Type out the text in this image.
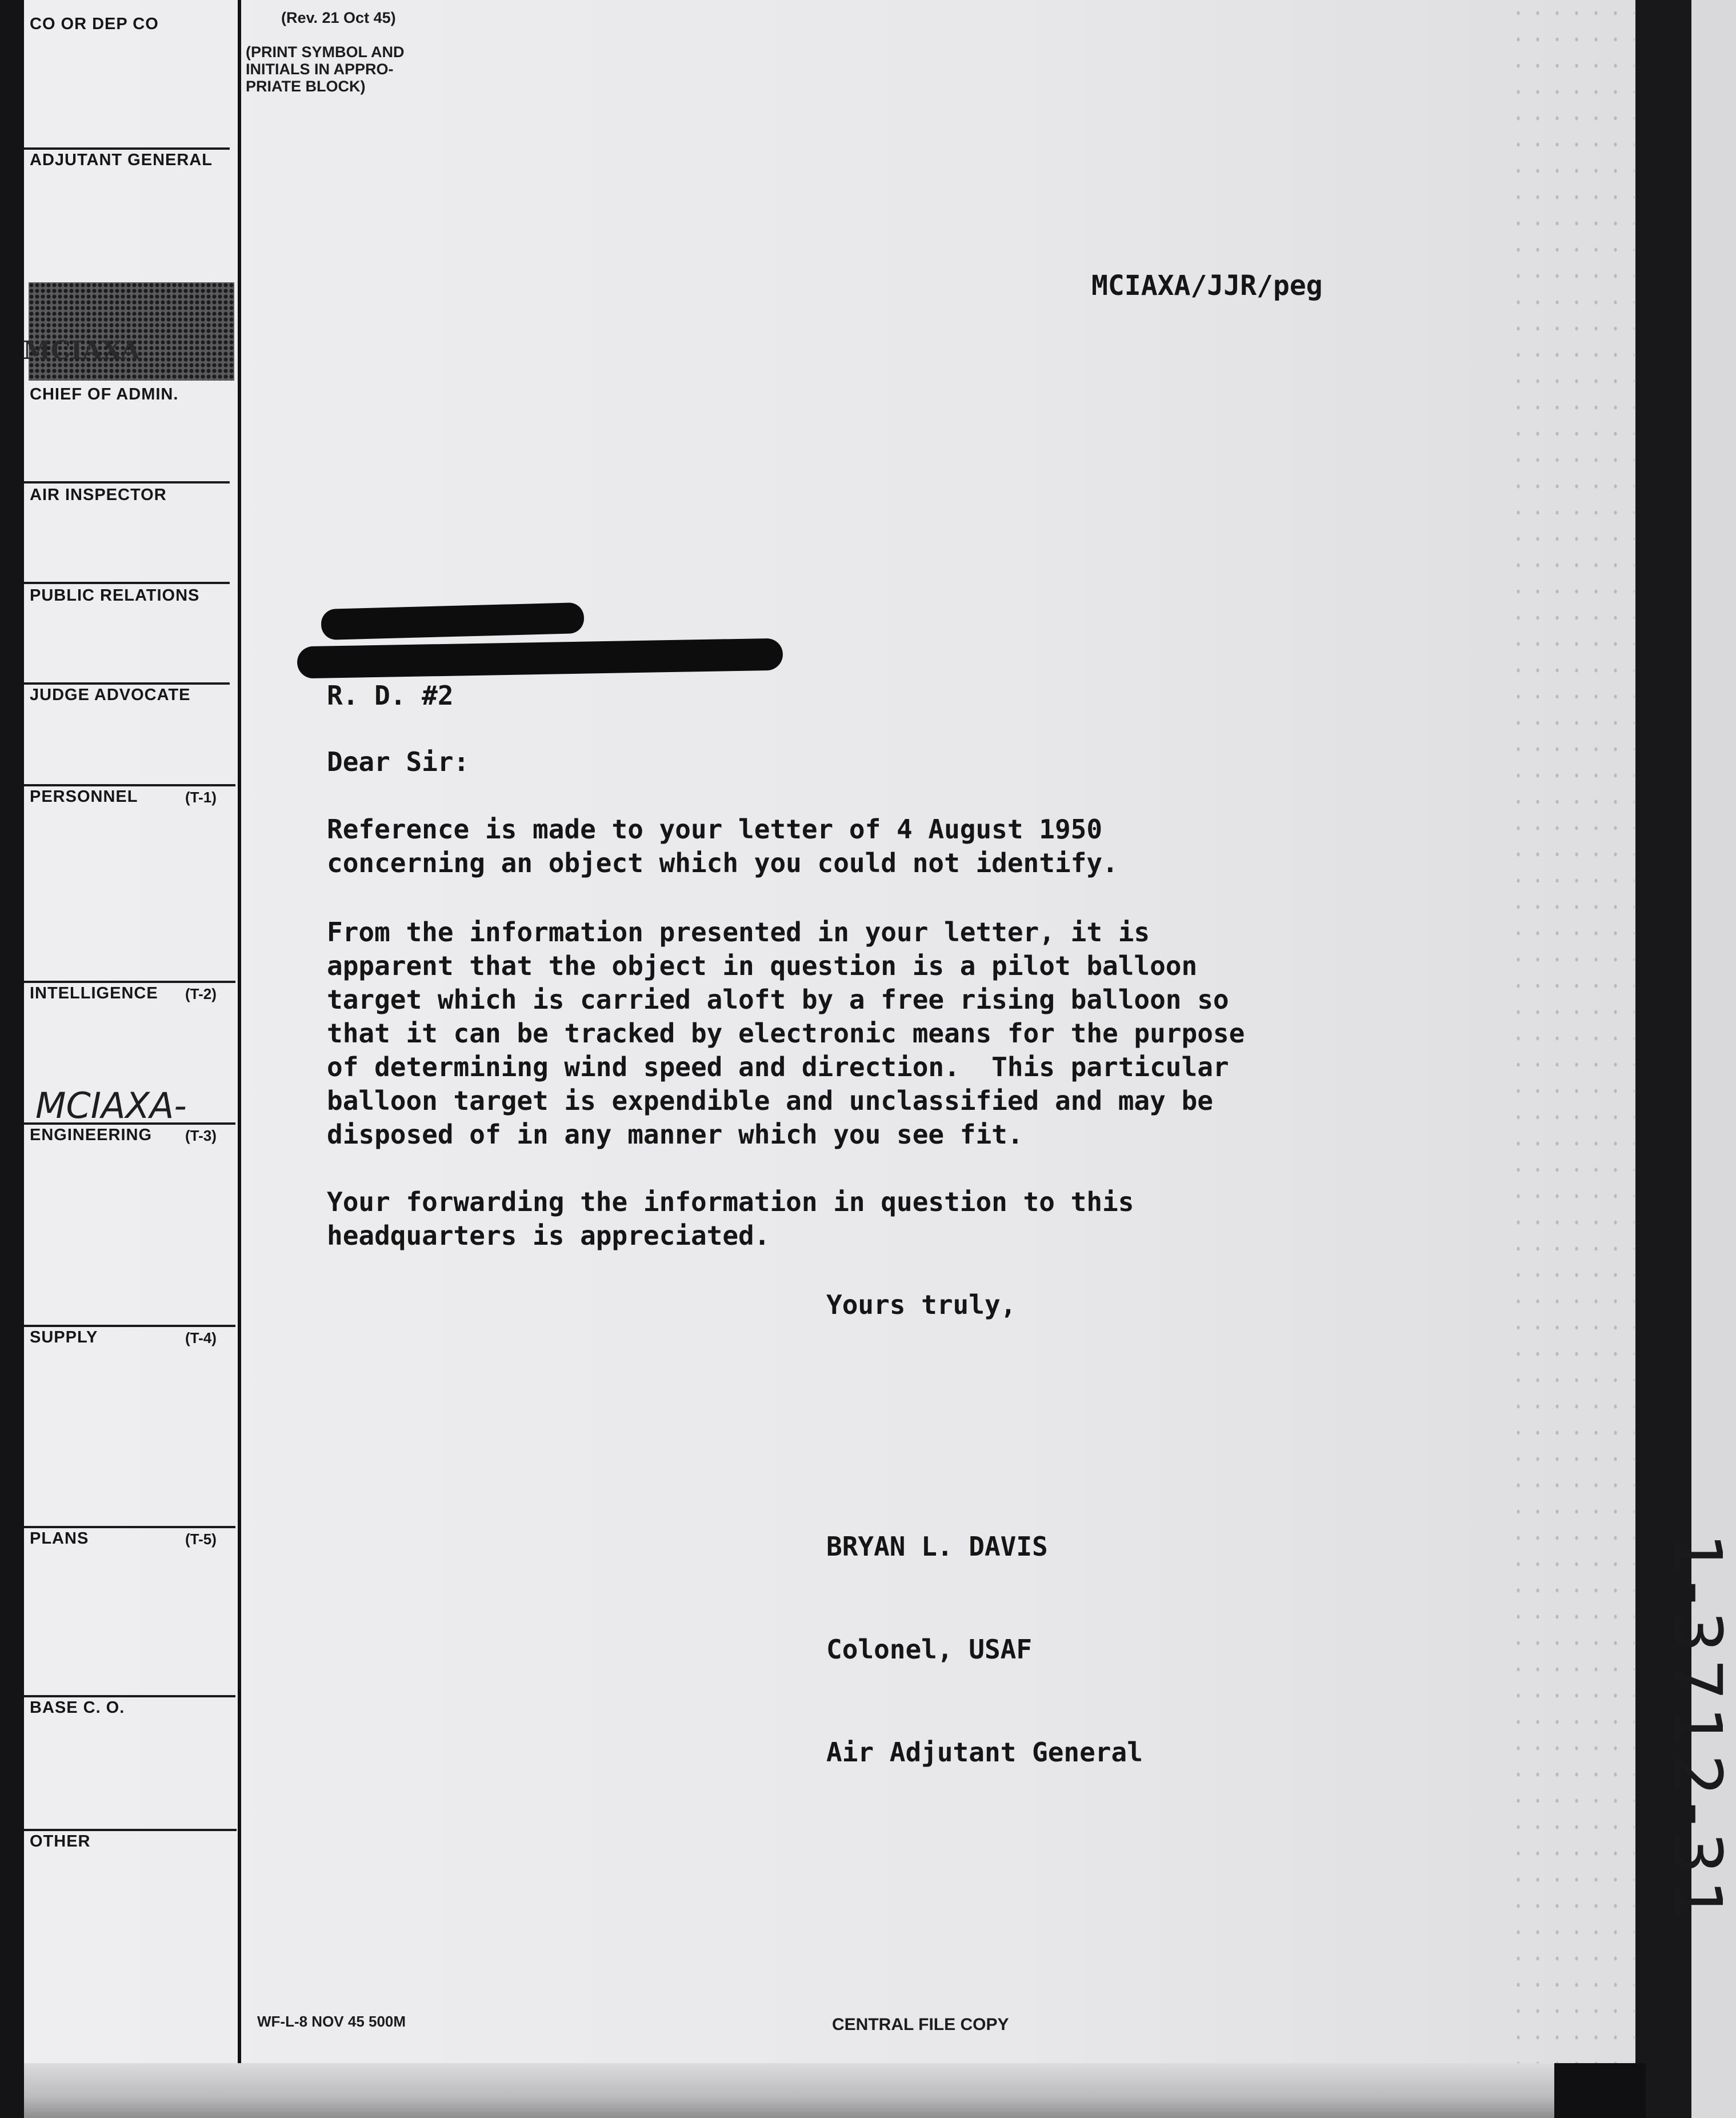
CO OR DEP CO
ADJUTANT GENERAL
CHIEF OF ADMIN.
AIR INSPECTOR
PUBLIC RELATIONS
JUDGE ADVOCATE
PERSONNEL	(T-1)
INTELLIGENCE (T-2)
ENGINEERING (T-3)
SUPPLY	(T-4)
PLANS	(T-5)
BASE C. O.
OTHER
MCIAXA
MCIAXA-
(Rev. 21 Oct 45)
(PRINT SYMBOL AND
INITIALS IN APPRO-
PRIATE BLOCK)
MCIAXA/JJR/peg
R. D. #2
Dear Sir:
Reference is made to your letter of 4 August 1950
concerning an object which you could not identify.
From the information presented in your letter, it is
apparent that the object in question is a pilot balloon
target which is carried aloft by a free rising balloon so
that it can be tracked by electronic means for the purpose
of determining wind speed and direction.  This particular
balloon target is expendible and unclassified and may be
disposed of in any manner which you see fit.
Your forwarding the information in question to this
headquarters is appreciated.
Yours truly,

BRYAN L. DAVIS

Colonel, USAF

Air Adjutant General

WF-L-8 NOV 45 500M	CENTRAL FILE COPY
1-3712-31
